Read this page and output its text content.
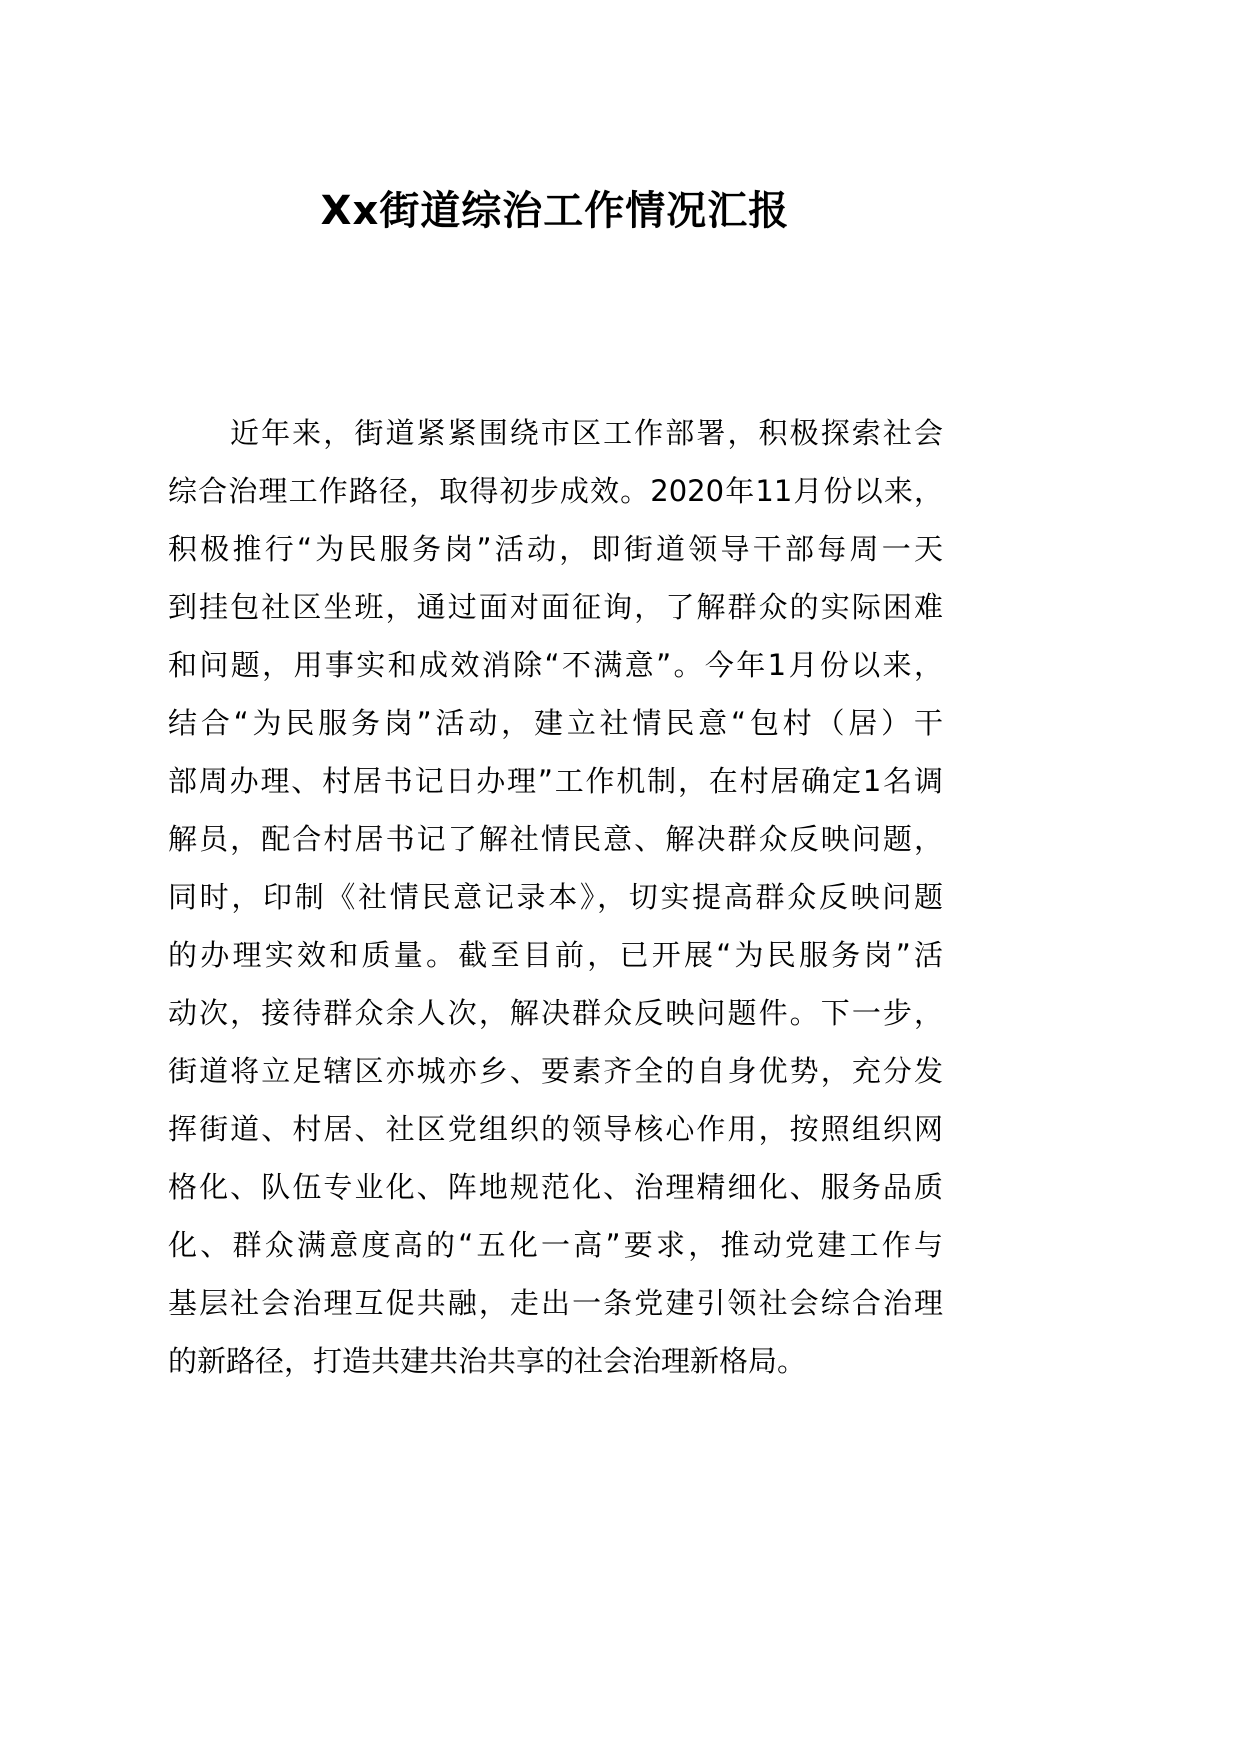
Xx街道综治工作情况汇报
近年来，街道紧紧围绕市区工作部署，积极探索社会
综合治理工作路径，取得初步成效。2020年11月份以来，
积极推行“为民服务岗”活动，即街道领导干部每周一天
到挂包社区坐班，通过面对面征询，了解群众的实际困难
和问题，用事实和成效消除“不满意”。今年1月份以来，
结合“为民服务岗”活动，建立社情民意“包村（居）干
部周办理、村居书记日办理”工作机制，在村居确定1名调
解员，配合村居书记了解社情民意、解决群众反映问题，
同时，印制《社情民意记录本》，切实提高群众反映问题
的办理实效和质量。截至目前，已开展“为民服务岗”活
动次，接待群众余人次，解决群众反映问题件。下一步，
街道将立足辖区亦城亦乡、要素齐全的自身优势，充分发
挥街道、村居、社区党组织的领导核心作用，按照组织网
格化、队伍专业化、阵地规范化、治理精细化、服务品质
化、群众满意度高的“五化一高”要求，推动党建工作与
基层社会治理互促共融，走出一条党建引领社会综合治理
的新路径，打造共建共治共享的社会治理新格局。
